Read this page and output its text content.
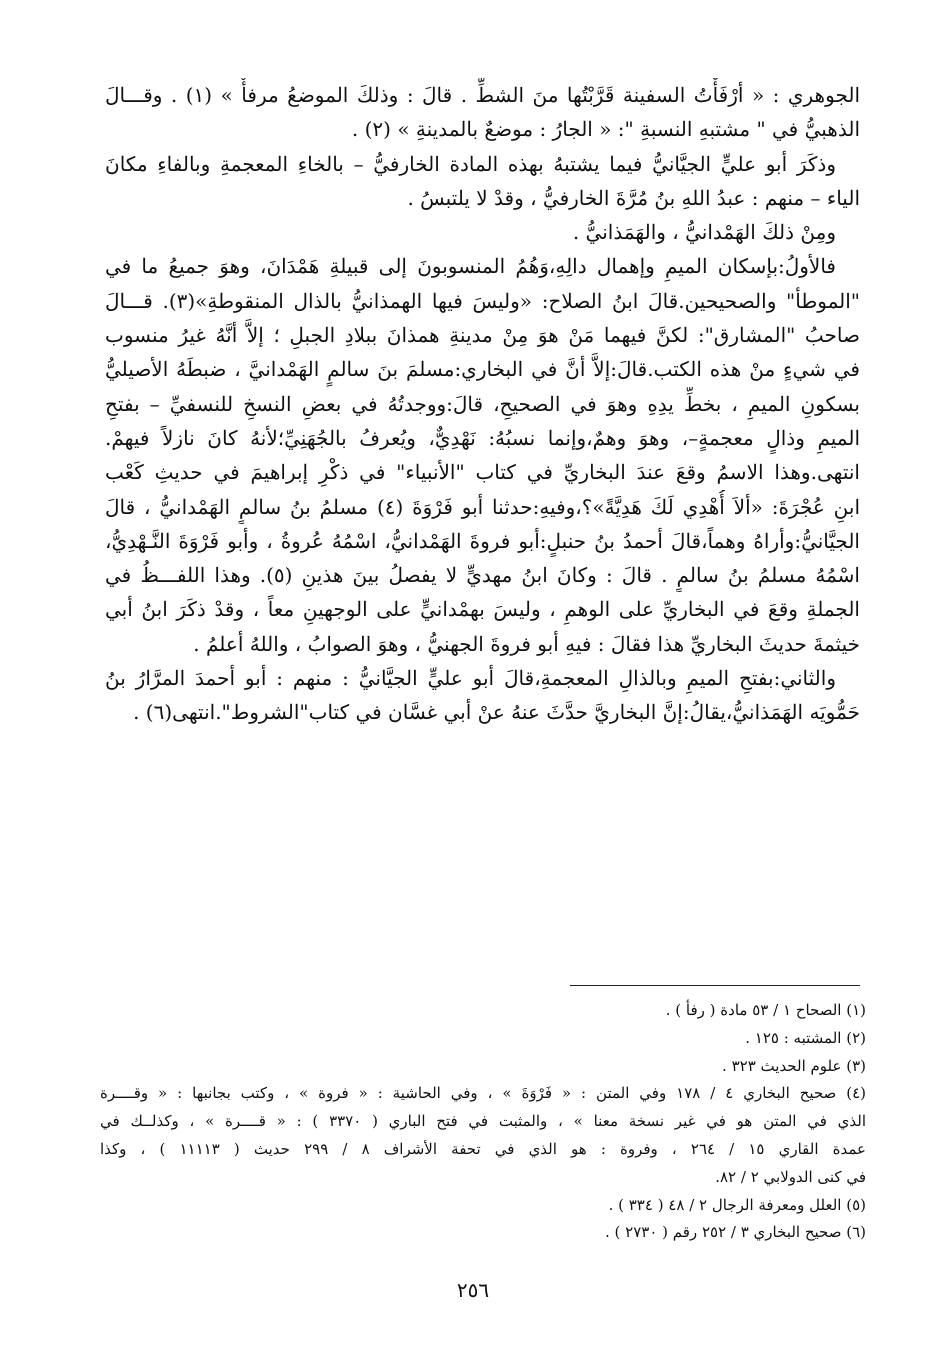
الجوهري : « أرْفَأْتُ السفينة قَرَّبْتُها منَ الشطِّ . قالَ : وذلكَ الموضعُ مرفأٌ » (١) . وقـــالَ
الذهبيُّ في " مشتبهِ النسبةِ ": « الجارُ : موضعٌ بالمدينةِ » (٢) .
وذكَرَ أبو عليٍّ الجيَّانيُّ فيما يشتبهُ بهذه المادة الخارفيُّ – بالخاءِ المعجمةِ وبالفاءِ مكانَ
الياء – منهم : عبدُ اللهِ بنُ مُرَّةَ الخارفيُّ ، وقدْ لا يلتبسُ .
ومِنْ ذلكَ الهَمْدانيُّ ، والهَمَذانيُّ .
فالأولُ:بإسكان الميمِ وإهمال دالِهِ،وَهُمُ المنسوبونَ إلى قبيلةِ هَمْدَانَ، وهوَ جميعُ ما في
"الموطأ" والصحيحين.قالَ ابنُ الصلاح: «وليسَ فيها الهمذانيُّ بالذال المنقوطةِ»(٣). قـــالَ
صاحبُ "المشارق": لكنَّ فيهما مَنْ هوَ مِنْ مدينةِ همذانَ ببلادِ الجبلِ ؛ إلاَّ أنَّهُ غيرُ منسوب
في شيءٍ منْ هذه الكتب.قالَ:إلاَّ أنَّ في البخاري:مسلمَ بنَ سالمٍ الهَمْدانيَّ ، ضبطَهُ الأصيليُّ
بسكونِ الميمِ ، بخطِّ يدِهِ وهوَ في الصحيحِ، قالَ:ووجدتُهُ في بعضِ النسخِ للنسفيِّ – بفتحِ
الميمِ وذالٍ معجمةٍ–، وهوَ وهمٌ،وإنما نسبُهُ: نَهْدِيٌّ، ويُعرفُ بالجُهَنِيِّ؛لأنهُ كانَ نازلاً فيهمْ.
انتهى.وهذا الاسمُ وقعَ عندَ البخاريِّ في كتاب "الأنبياء" في ذكْرِ إبراهيمَ في حديثِ كَعْب
ابنِ عُجْرَةَ: «ألاَ أُهْدِي لَكَ هَدِيَّةً»؟،وفيهِ:حدثنا أبو فَرْوَةَ (٤) مسلمُ بنُ سالمٍ الهَمْدانيُّ ، قالَ
الجيَّانيُّ:وأراهُ وهماً،قالَ أحمدُ بنُ حنبلٍ:أبو فروةَ الهَمْدانيُّ، اسْمُهُ عُروةُ ، وأبو فَرْوَةَ النَّـهْدِيُّ،
اسْمُهُ مسلمُ بنُ سالمٍ . قالَ : وكانَ ابنُ مهديٍّ لا يفصلُ بينَ هذينِ (٥). وهذا اللفـــظُ في
الجملةِ وقعَ في البخاريِّ على الوهمِ ، وليسَ بهمْدانيٍّ على الوجهينِ معاً ، وقدْ ذكَرَ ابنُ أبي
خيثمةَ حديثَ البخاريِّ هذا فقالَ : فيهِ أبو فروةَ الجهنيُّ ، وهوَ الصوابُ ، واللهُ أعلمُ .
والثاني:بفتحِ الميمِ وبالذالِ المعجمةِ،قالَ أبو عليٍّ الجيَّانيُّ : منهم : أبو أحمدَ المرَّارُ بنُ
حَمُّويَه الهَمَذانيُّ،يقالُ:إنَّ البخاريَّ حدَّثَ عنهُ عنْ أبي غسَّان في كتاب"الشروط".انتهى(٦) .
(١) الصحاح ١ / ٥٣ مادة ( رفأ ) .
(٢) المشتبه : ١٢٥ .
(٣) علوم الحديث ٣٢٣ .
(٤) صحيح البخاري ٤ / ١٧٨ وفي المتن : « فَرْوَةَ » ، وفي الحاشية : « فروة » ، وكتب بجانبها : « وقــــرة
الذي في المتن هو في غير نسخة معنا » ، والمثبت في فتح الباري ( ٣٣٧٠ ) : « قــــرة » ، وكذلــك في
عمدة القاري ١٥ / ٢٦٤ ، وفروة : هو الذي في تحفة الأشراف ٨ / ٢٩٩ حديث ( ١١١١٣ ) ، وكذا
في كنى الدولابي ٢ / ٨٢.
(٥) العلل ومعرفة الرجال ٢ / ٤٨ ( ٣٣٤ ) .
(٦) صحيح البخاري ٣ / ٢٥٢ رقم ( ٢٧٣٠ ) .
٢٥٦
